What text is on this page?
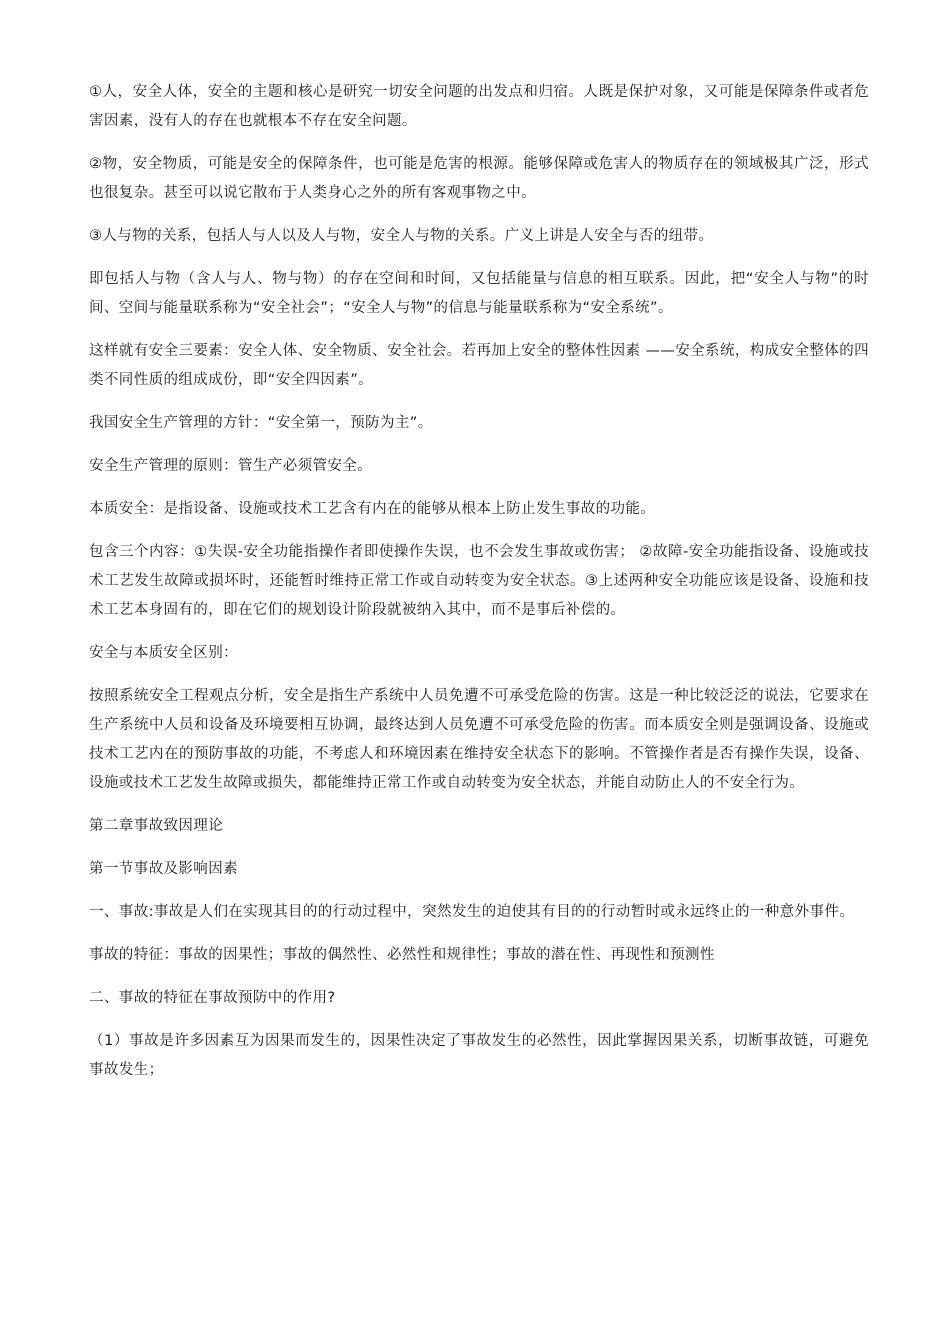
①人，安全人体，安全的主题和核心是研究一切安全问题的出发点和归宿。人既是保护对象，又可能是保障条件或者危害因素，没有人的存在也就根本不存在安全问题。

②物，安全物质，可能是安全的保障条件，也可能是危害的根源。能够保障或危害人的物质存在的领域极其广泛，形式也很复杂。甚至可以说它散布于人类身心之外的所有客观事物之中。

③人与物的关系，包括人与人以及人与物，安全人与物的关系。广义上讲是人安全与否的纽带。

即包括人与物（含人与人、物与物）的存在空间和时间，又包括能量与信息的相互联系。因此，把“安全人与物”的时间、空间与能量联系称为“安全社会”；“安全人与物”的信息与能量联系称为“安全系统”。

这样就有安全三要素：安全人体、安全物质、安全社会。若再加上安全的整体性因素 ——安全系统，构成安全整体的四类不同性质的组成成份，即“安全四因素”。

我国安全生产管理的方针：“安全第一，预防为主”。

安全生产管理的原则：管生产必须管安全。

本质安全：是指设备、设施或技术工艺含有内在的能够从根本上防止发生事故的功能。

包含三个内容：①失误-安全功能指操作者即使操作失误，也不会发生事故或伤害； ②故障-安全功能指设备、设施或技术工艺发生故障或损坏时，还能暂时维持正常工作或自动转变为安全状态。③上述两种安全功能应该是设备、设施和技术工艺本身固有的，即在它们的规划设计阶段就被纳入其中，而不是事后补偿的。

安全与本质安全区别：

按照系统安全工程观点分析，安全是指生产系统中人员免遭不可承受危险的伤害。这是一种比较泛泛的说法，它要求在生产系统中人员和设备及环境要相互协调，最终达到人员免遭不可承受危险的伤害。而本质安全则是强调设备、设施或技术工艺内在的预防事故的功能，不考虑人和环境因素在维持安全状态下的影响。不管操作者是否有操作失误，设备、设施或技术工艺发生故障或损失，都能维持正常工作或自动转变为安全状态，并能自动防止人的不安全行为。

第二章事故致因理论

第一节事故及影响因素

一、事故:事故是人们在实现其目的的行动过程中，突然发生的迫使其有目的的行动暂时或永远终止的一种意外事件。

事故的特征：事故的因果性；事故的偶然性、必然性和规律性；事故的潜在性、再现性和预测性

二、事故的特征在事故预防中的作用?

（1）事故是许多因素互为因果而发生的，因果性决定了事故发生的必然性，因此掌握因果关系，切断事故链，可避免事故发生；
